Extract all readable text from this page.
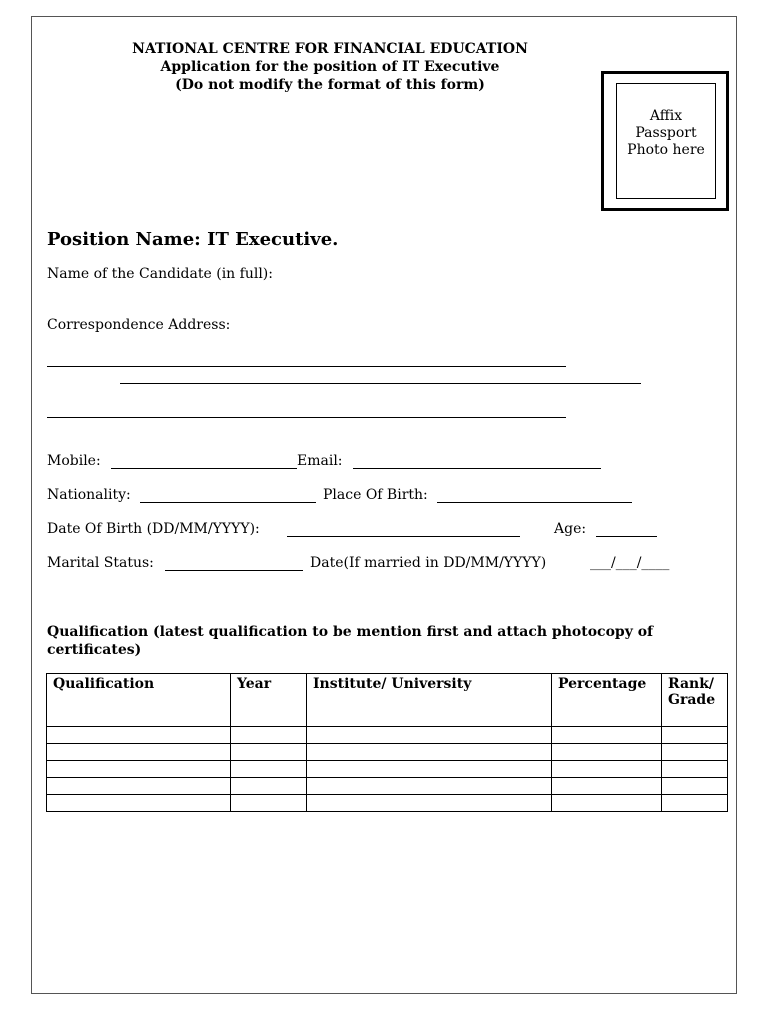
NATIONAL CENTRE FOR FINANCIAL EDUCATION
Application for the position of IT Executive
(Do not modify the format of this form)
Affix
Passport
Photo here
Position Name: IT Executive.
Name of the Candidate (in full):
Correspondence Address:
Mobile:	Email:
Nationality:	Place Of Birth:
Date Of Birth (DD/MM/YYYY):	Age:
Marital Status:	Date(If married in DD/MM/YYYY)	___/___/____
Qualification (latest qualification to be mention first and attach photocopy of certificates)
Qualification	Year	Institute/ University	Percentage	Rank/ Grade
